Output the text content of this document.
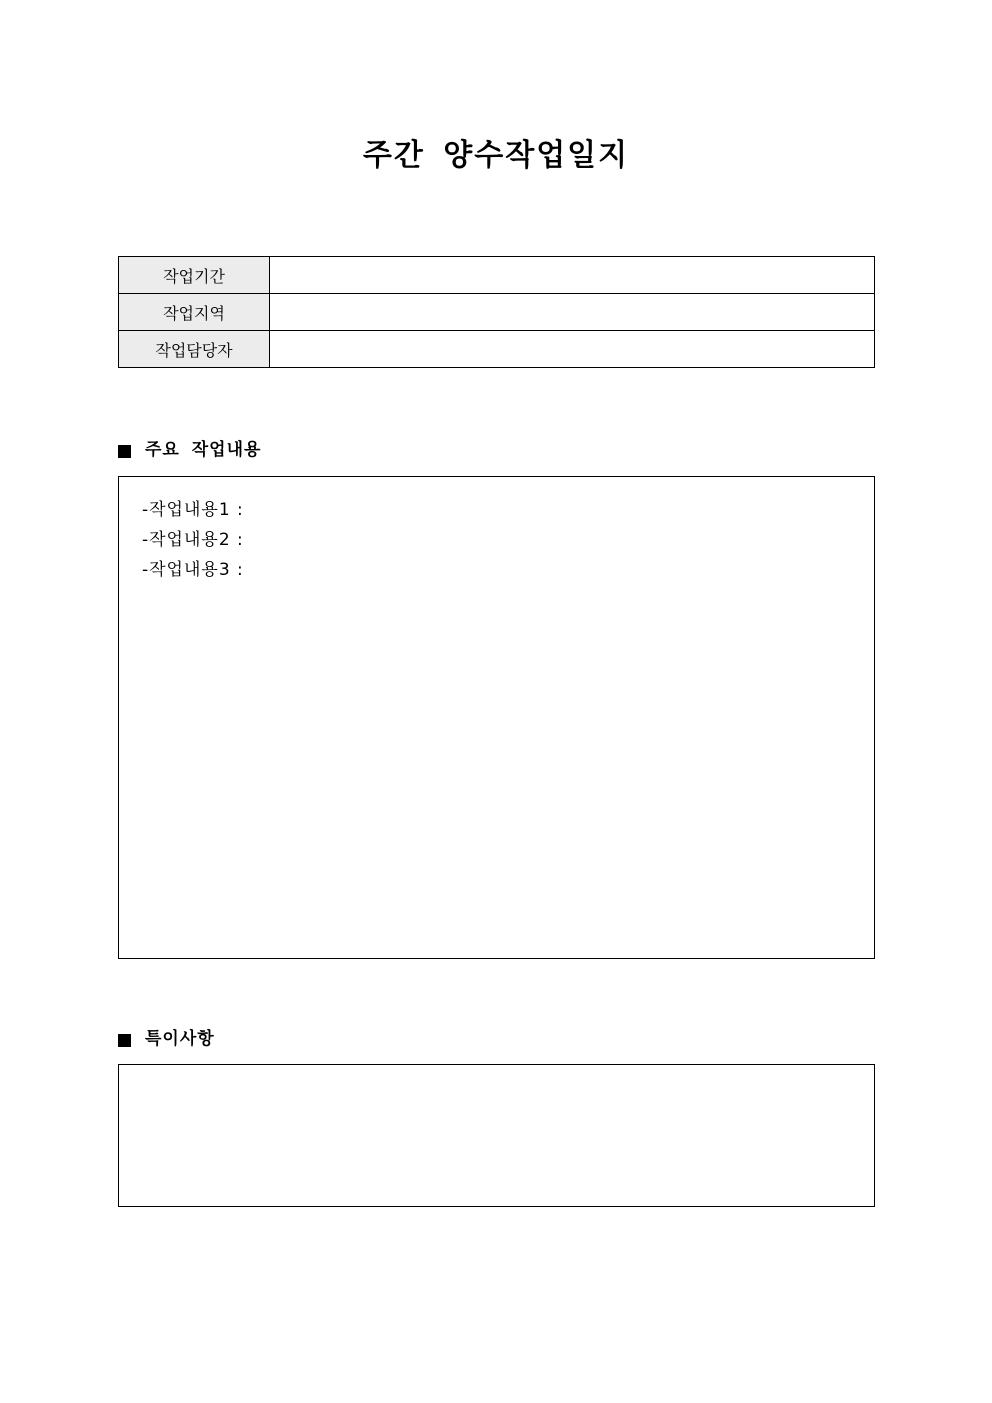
주간 양수작업일지
작업기간	
작업지역	
작업담당자	
주요 작업내용
-작업내용1 :
-작업내용2 :
-작업내용3 :
특이사항
